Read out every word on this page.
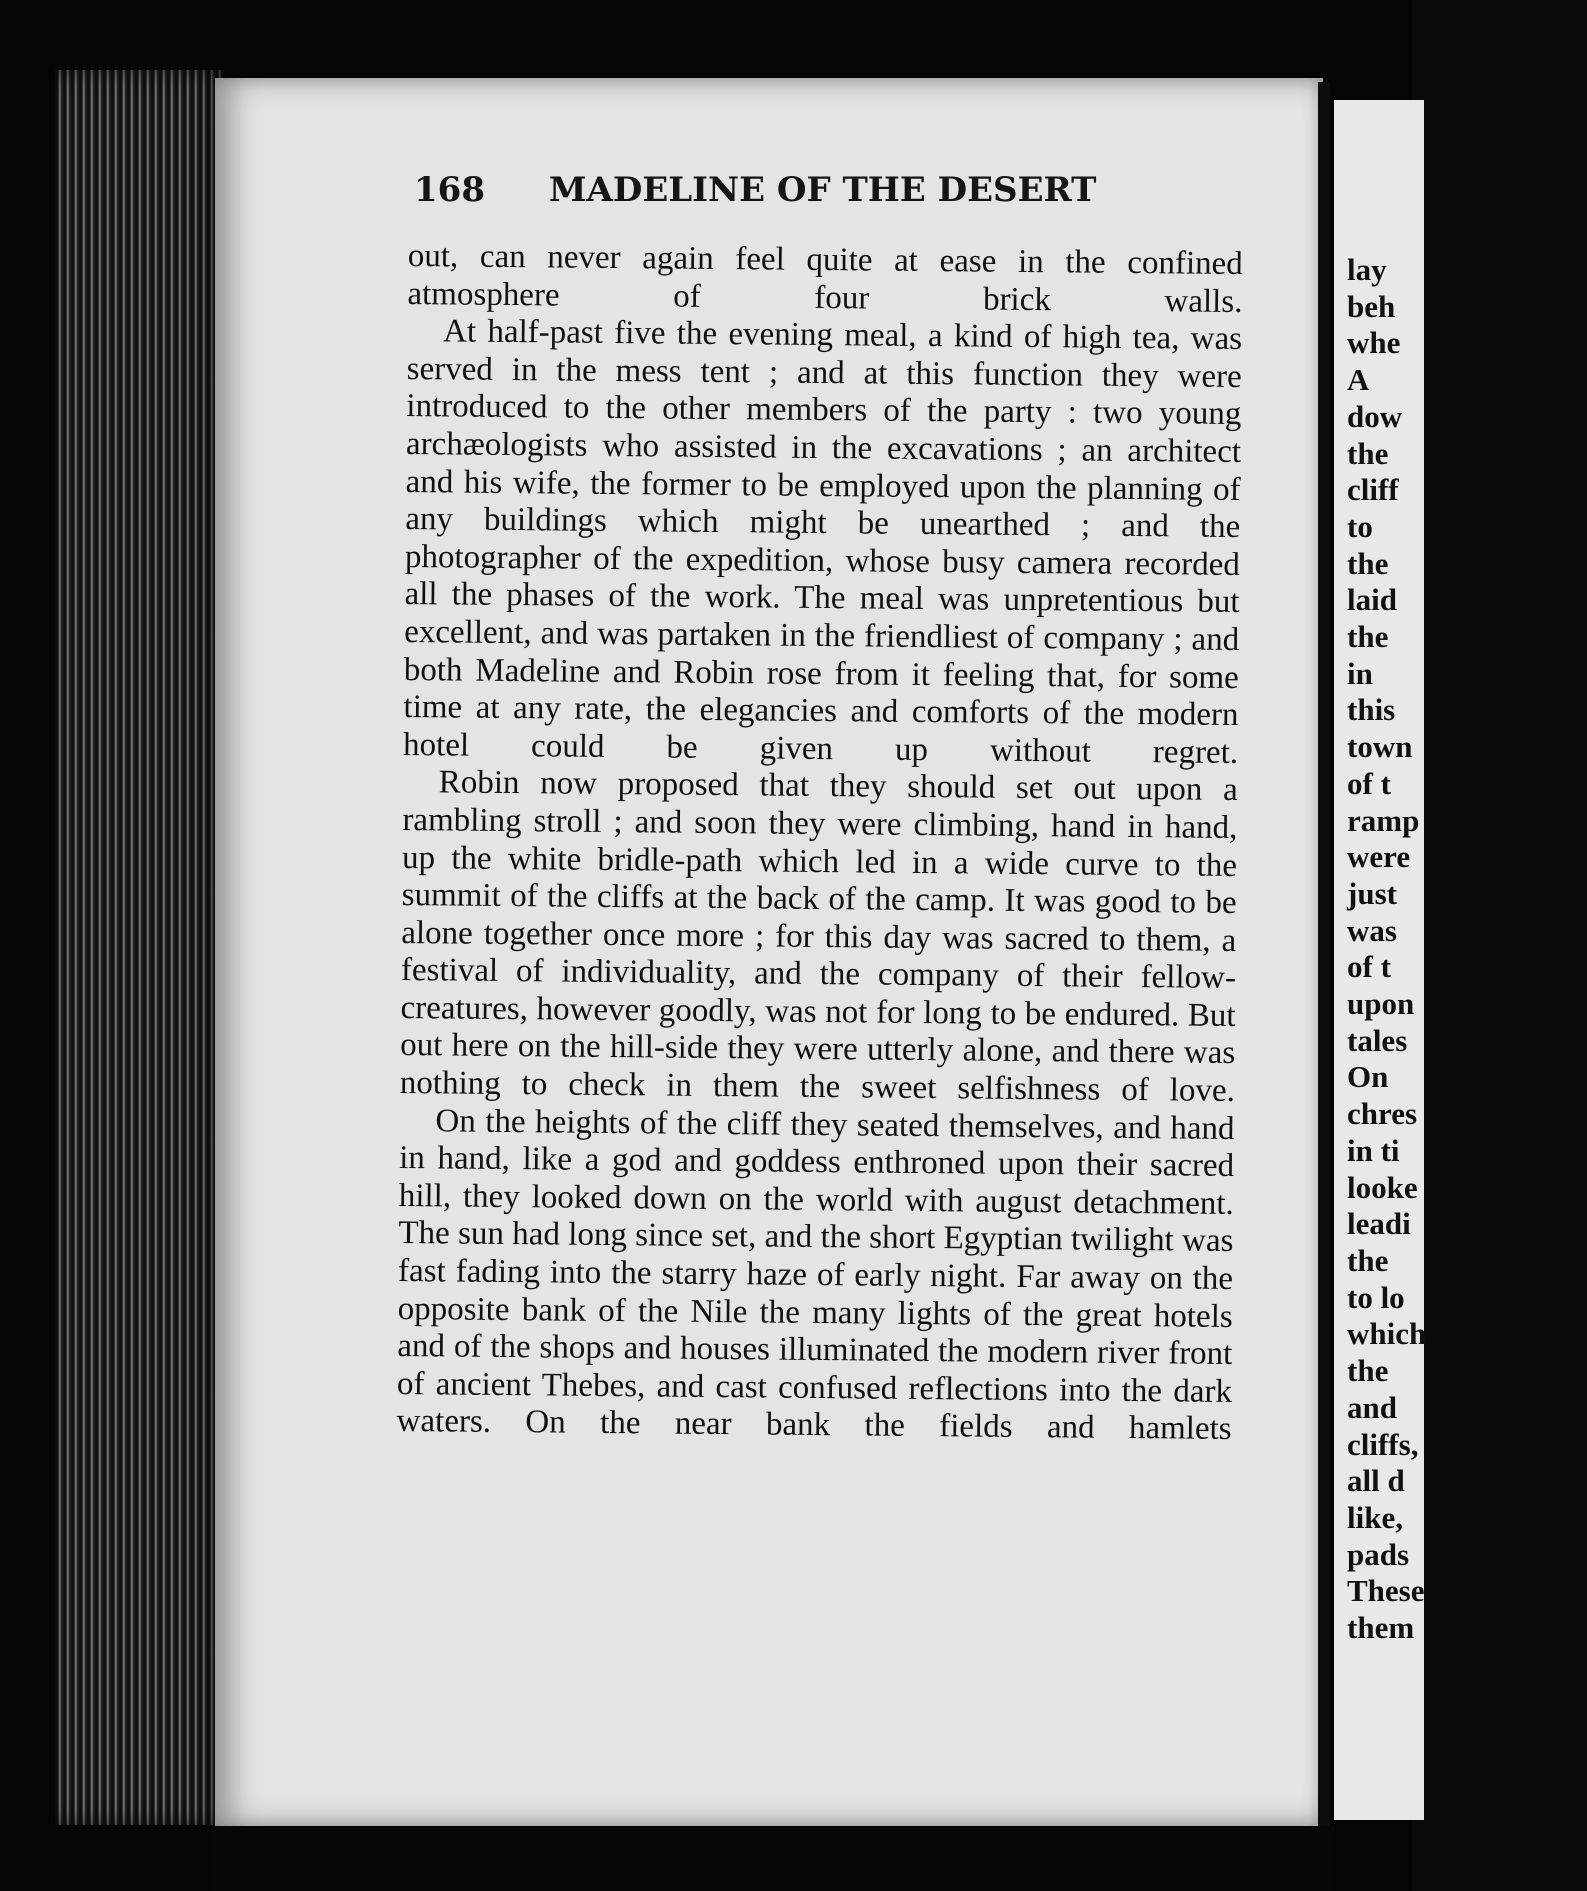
168 MADELINE OF THE DESERT

out, can never again feel quite at ease in the confined atmosphere of four brick walls.

At half-past five the evening meal, a kind of high tea, was served in the mess tent ; and at this function they were introduced to the other members of the party : two young archæologists who assisted in the excavations ; an architect and his wife, the former to be employed upon the planning of any buildings which might be unearthed ; and the photographer of the expedition, whose busy camera recorded all the phases of the work. The meal was unpretentious but excellent, and was partaken in the friendliest of company ; and both Madeline and Robin rose from it feeling that, for some time at any rate, the elegancies and comforts of the modern hotel could be given up without regret.

Robin now proposed that they should set out upon a rambling stroll ; and soon they were climbing, hand in hand, up the white bridle-path which led in a wide curve to the summit of the cliffs at the back of the camp. It was good to be alone together once more ; for this day was sacred to them, a festival of individuality, and the company of their fellow-creatures, however goodly, was not for long to be endured. But out here on the hill-side they were utterly alone, and there was nothing to check in them the sweet selfishness of love.

On the heights of the cliff they seated themselves, and hand in hand, like a god and goddess enthroned upon their sacred hill, they looked down on the world with august detachment. The sun had long since set, and the short Egyptian twilight was fast fading into the starry haze of early night. Far away on the opposite bank of the Nile the many lights of the great hotels and of the shops and houses illuminated the modern river front of ancient Thebes, and cast confused reflections into the dark waters. On the near bank the fields and hamlets

lay
beh
whe
A
dow
the
cliff
to
the
laid
the
in
this
town
of t
ramp
were
just
was
of t
upon
tales
On
chres
in ti
looke
leadi
the
to lo
which
the
and
cliffs,
all d
like,
pads
These
them
